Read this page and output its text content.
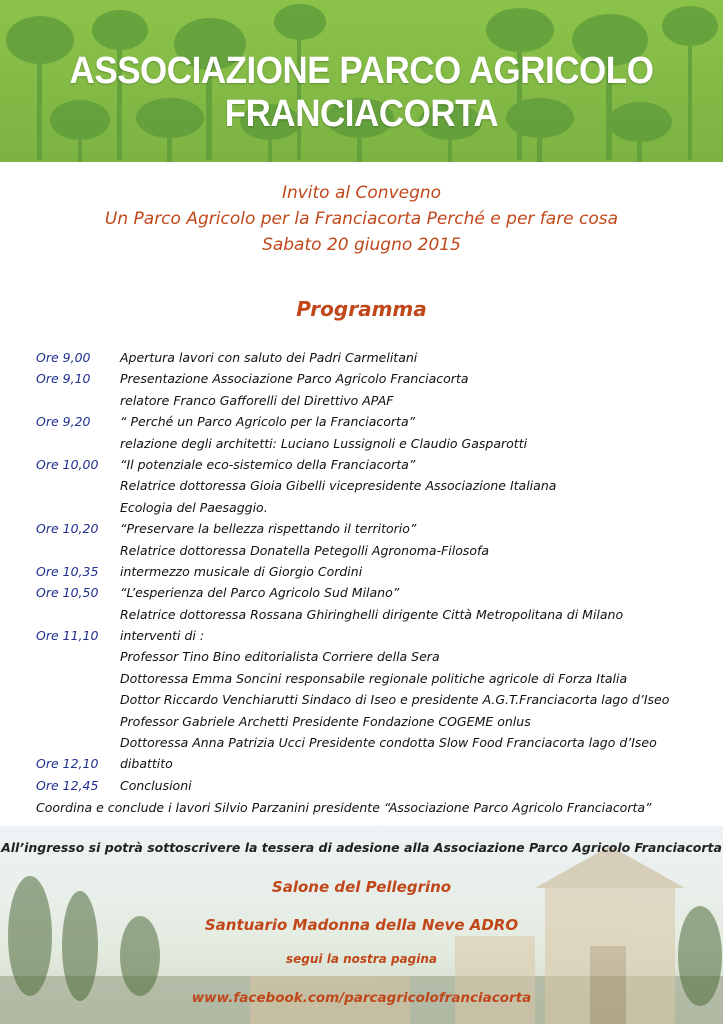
ASSOCIAZIONE PARCO AGRICOLO FRANCIACORTA
Invito al Convegno
Un Parco Agricolo per la Franciacorta Perché e per fare cosa
Sabato 20 giugno 2015
Programma
Ore 9,00 Apertura lavori con saluto dei Padri Carmelitani
Ore 9,10 Presentazione Associazione Parco Agricolo Franciacorta
relatore Franco Gafforelli del Direttivo APAF
Ore 9,20 “ Perché un Parco Agricolo per la Franciacorta”
relazione degli architetti: Luciano Lussignoli e Claudio Gasparotti
Ore 10,00 “Il potenziale eco-sistemico della Franciacorta”
Relatrice dottoressa Gioia Gibelli vicepresidente Associazione Italiana
Ecologia del Paesaggio.
Ore 10,20 “Preservare la bellezza rispettando il territorio”
Relatrice dottoressa Donatella Petegolli Agronoma-Filosofa
Ore 10,35 intermezzo musicale di Giorgio Cordini
Ore 10,50 “L’esperienza del Parco Agricolo Sud Milano”
Relatrice dottoressa Rossana Ghiringhelli dirigente Città Metropolitana di Milano
Ore 11,10 interventi di :
Professor Tino Bino editorialista Corriere della Sera
Dottoressa Emma Soncini responsabile regionale politiche agricole di Forza Italia
Dottor Riccardo Venchiarutti Sindaco di Iseo e presidente A.G.T.Franciacorta lago d’Iseo
Professor Gabriele Archetti Presidente Fondazione COGEME onlus
Dottoressa Anna Patrizia Ucci Presidente condotta Slow Food Franciacorta lago d’Iseo
Ore 12,10 dibattito
Ore 12,45 Conclusioni
Coordina e conclude i lavori Silvio Parzanini presidente “Associazione Parco Agricolo Franciacorta”
All’ingresso si potrà sottoscrivere la tessera di adesione alla Associazione Parco Agricolo Franciacorta
Salone del Pellegrino
Santuario Madonna della Neve ADRO
segui la nostra pagina
www.facebook.com/parcagricolofranciacorta
